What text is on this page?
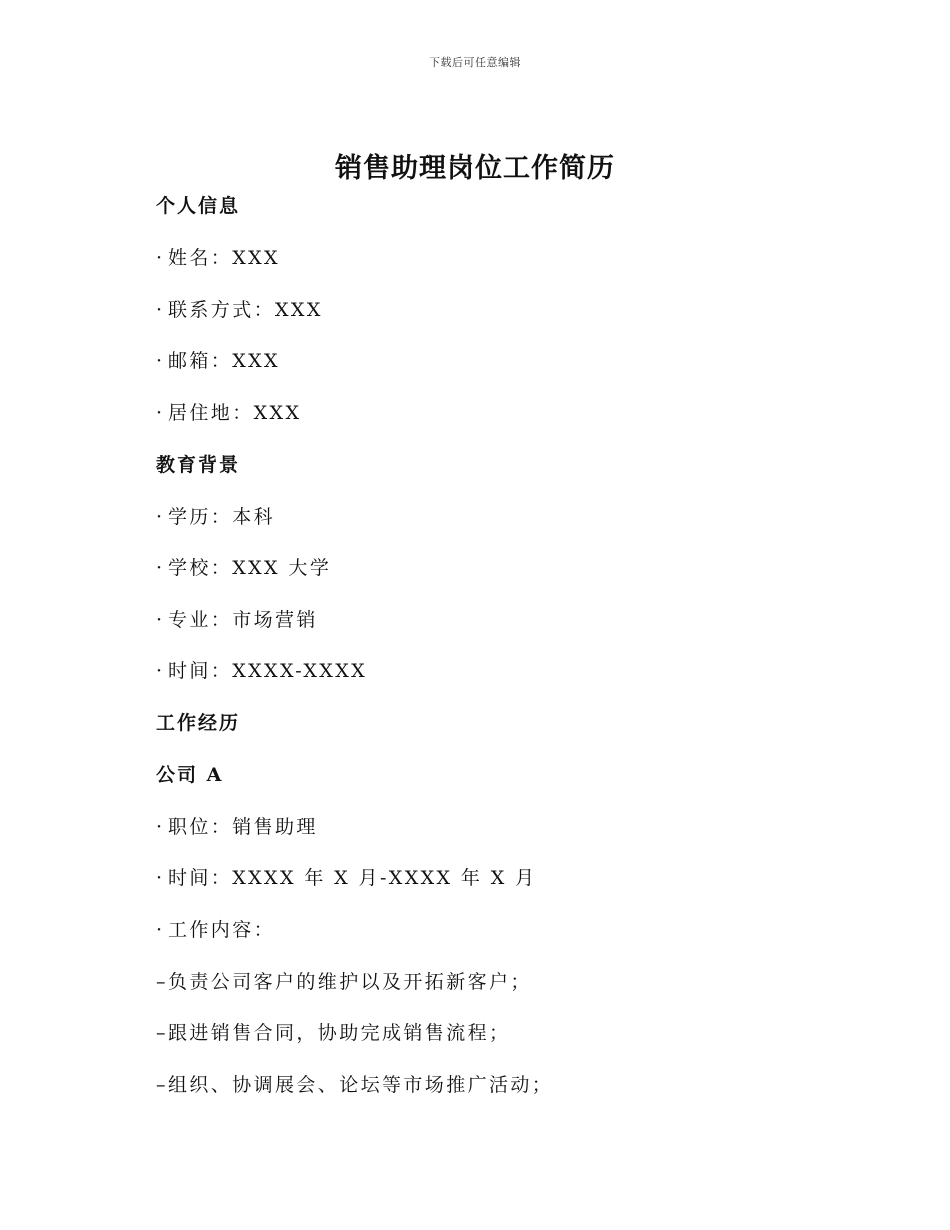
下载后可任意编辑
销售助理岗位工作简历
个人信息
· 姓名：XXX
· 联系方式：XXX
· 邮箱：XXX
· 居住地：XXX
教育背景
· 学历：本科
· 学校：XXX 大学
· 专业：市场营销
· 时间：XXXX-XXXX
工作经历
公司 A
· 职位：销售助理
· 时间：XXXX 年 X 月-XXXX 年 X 月
· 工作内容：
–负责公司客户的维护以及开拓新客户；
–跟进销售合同，协助完成销售流程；
–组织、协调展会、论坛等市场推广活动；
